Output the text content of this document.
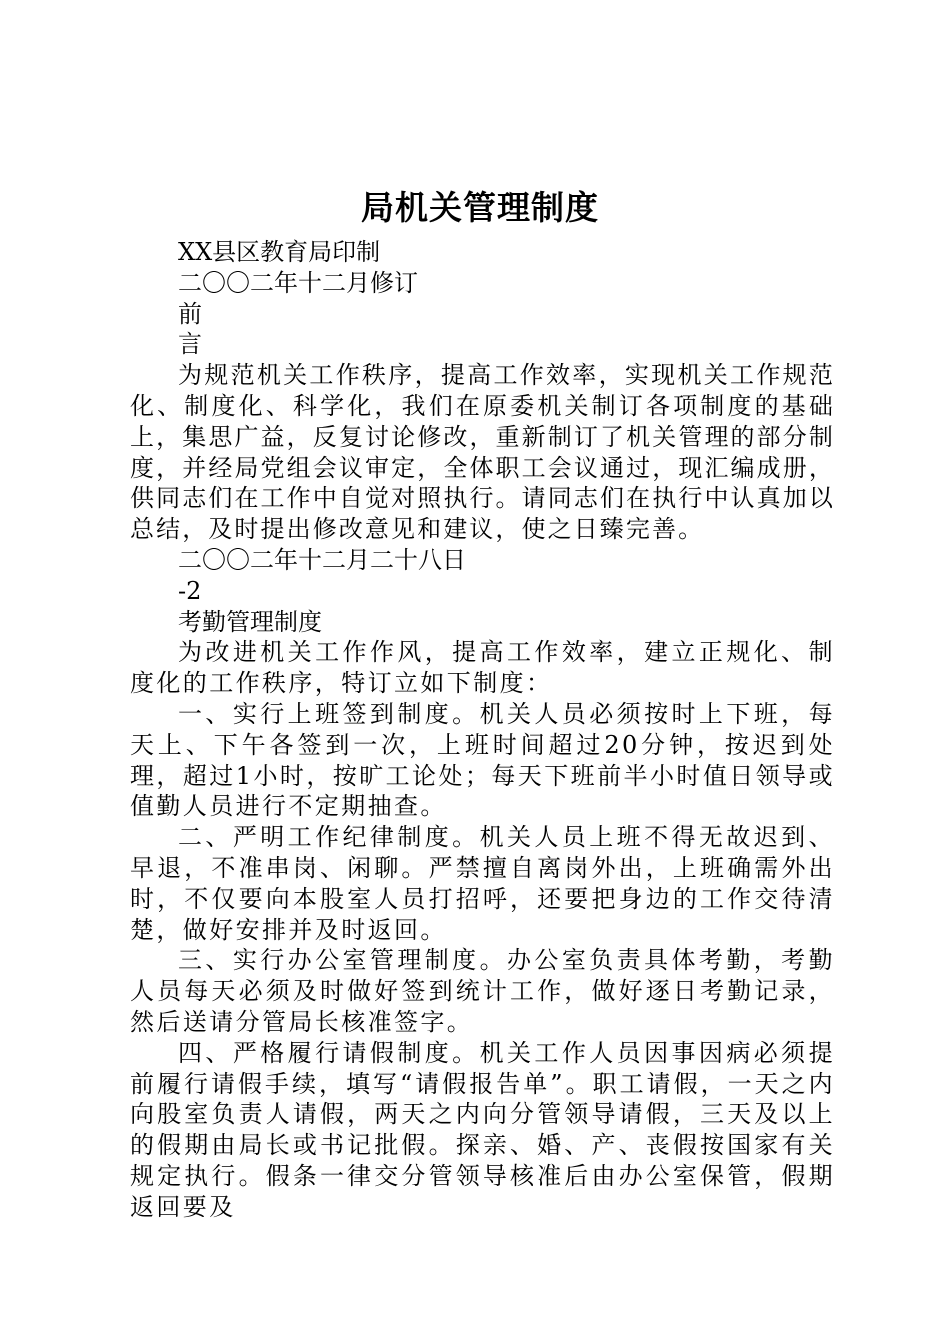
局机关管理制度
XX县区教育局印制
二〇〇二年十二月修订
前
言
为规范机关工作秩序，提高工作效率，实现机关工作规范化、制度化、科学化，我们在原委机关制订各项制度的基础上，集思广益，反复讨论修改，重新制订了机关管理的部分制度，并经局党组会议审定，全体职工会议通过，现汇编成册，供同志们在工作中自觉对照执行。请同志们在执行中认真加以总结，及时提出修改意见和建议，使之日臻完善。
二〇〇二年十二月二十八日
-2
考勤管理制度
为改进机关工作作风，提高工作效率，建立正规化、制度化的工作秩序，特订立如下制度：
一、实行上班签到制度。机关人员必须按时上下班，每天上、下午各签到一次，上班时间超过20分钟，按迟到处理，超过1小时，按旷工论处；每天下班前半小时值日领导或值勤人员进行不定期抽查。
二、严明工作纪律制度。机关人员上班不得无故迟到、早退，不准串岗、闲聊。严禁擅自离岗外出，上班确需外出时，不仅要向本股室人员打招呼，还要把身边的工作交待清楚，做好安排并及时返回。
三、实行办公室管理制度。办公室负责具体考勤，考勤人员每天必须及时做好签到统计工作，做好逐日考勤记录，然后送请分管局长核准签字。
四、严格履行请假制度。机关工作人员因事因病必须提前履行请假手续，填写“请假报告单”。职工请假，一天之内向股室负责人请假，两天之内向分管领导请假，三天及以上的假期由局长或书记批假。探亲、婚、产、丧假按国家有关规定执行。假条一律交分管领导核准后由办公室保管，假期返回要及
